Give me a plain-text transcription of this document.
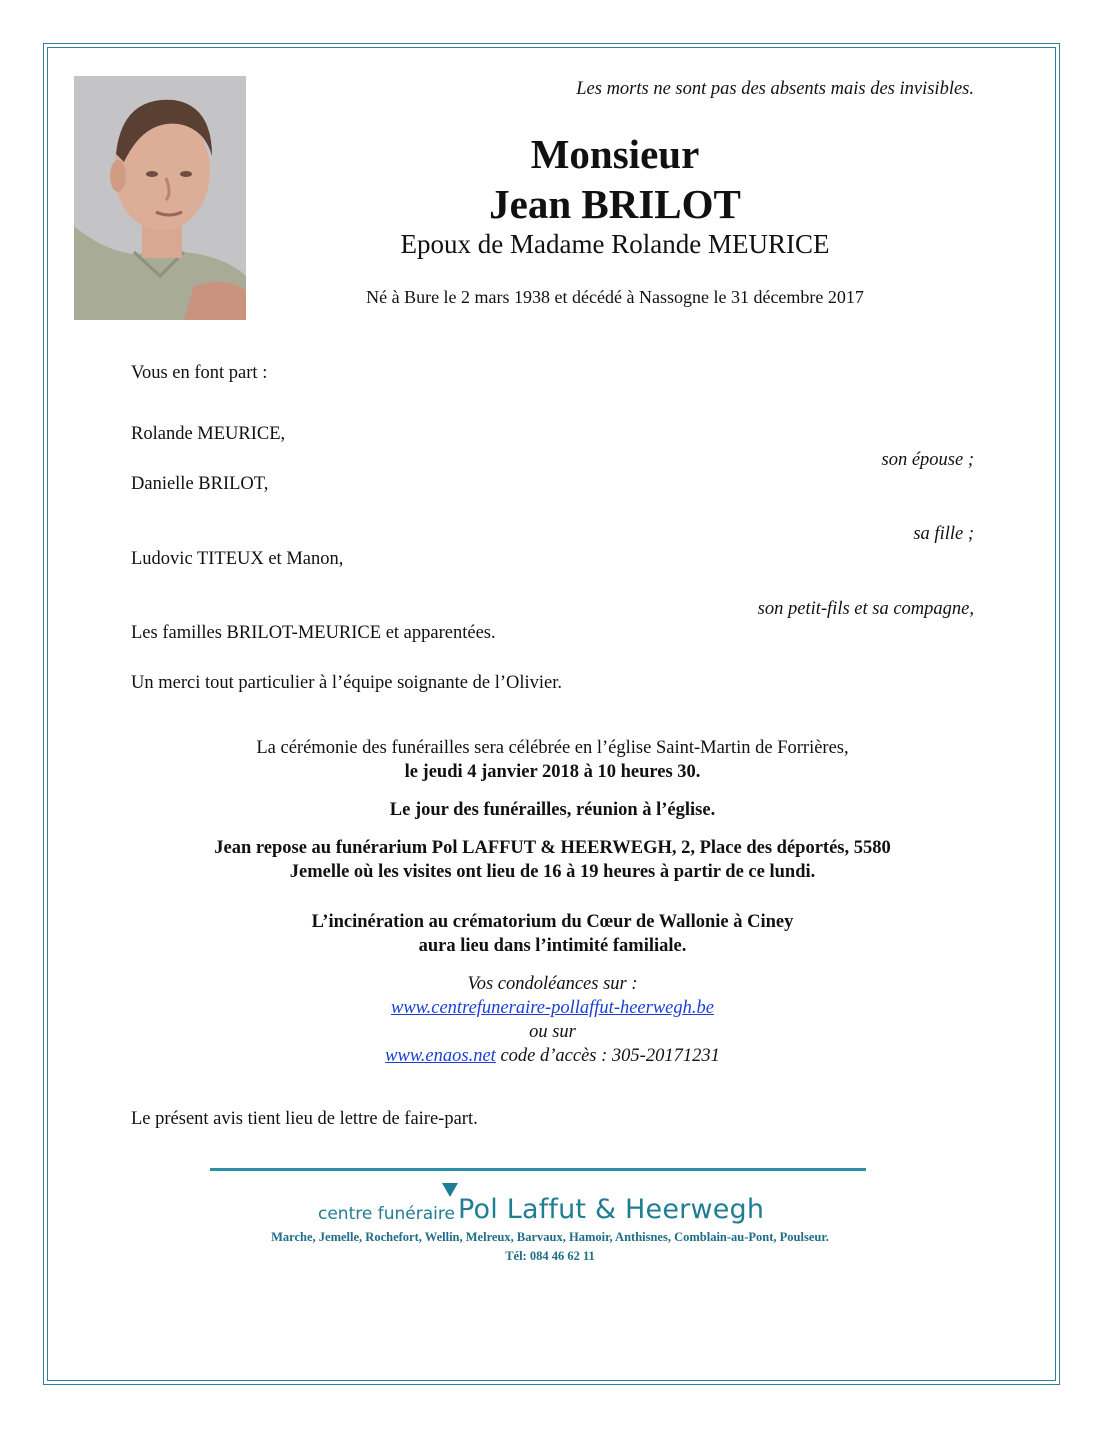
Les morts ne sont pas des absents mais des invisibles.
Monsieur
Jean BRILOT
Epoux de Madame Rolande MEURICE
Né à Bure le 2 mars 1938 et décédé à Nassogne le 31 décembre 2017
Vous en font part :
Rolande MEURICE,
son épouse ;
Danielle BRILOT,
sa fille ;
Ludovic TITEUX et Manon,
son petit-fils et sa compagne,
Les familles BRILOT-MEURICE et apparentées.
Un merci tout particulier à l’équipe soignante de l’Olivier.
La cérémonie des funérailles sera célébrée en l’église Saint-Martin de Forrières,
le jeudi 4 janvier 2018 à 10 heures 30.
Le jour des funérailles, réunion à l’église.
Jean repose au funérarium Pol LAFFUT & HEERWEGH, 2, Place des déportés, 5580
Jemelle où les visites ont lieu de 16 à 19 heures à partir de ce lundi.
L’incinération au crématorium du Cœur de Wallonie à Ciney
aura lieu dans l’intimité familiale.
Vos condoléances sur :
www.centrefuneraire-pollaffut-heerwegh.be
ou sur
www.enaos.net code d’accès : 305-20171231
Le présent avis tient lieu de lettre de faire-part.
centre funéraire Pol Laffut & Heerwegh
Marche, Jemelle, Rochefort, Wellin, Melreux, Barvaux, Hamoir, Anthisnes, Comblain-au-Pont, Poulseur.
Tél: 084 46 62 11
